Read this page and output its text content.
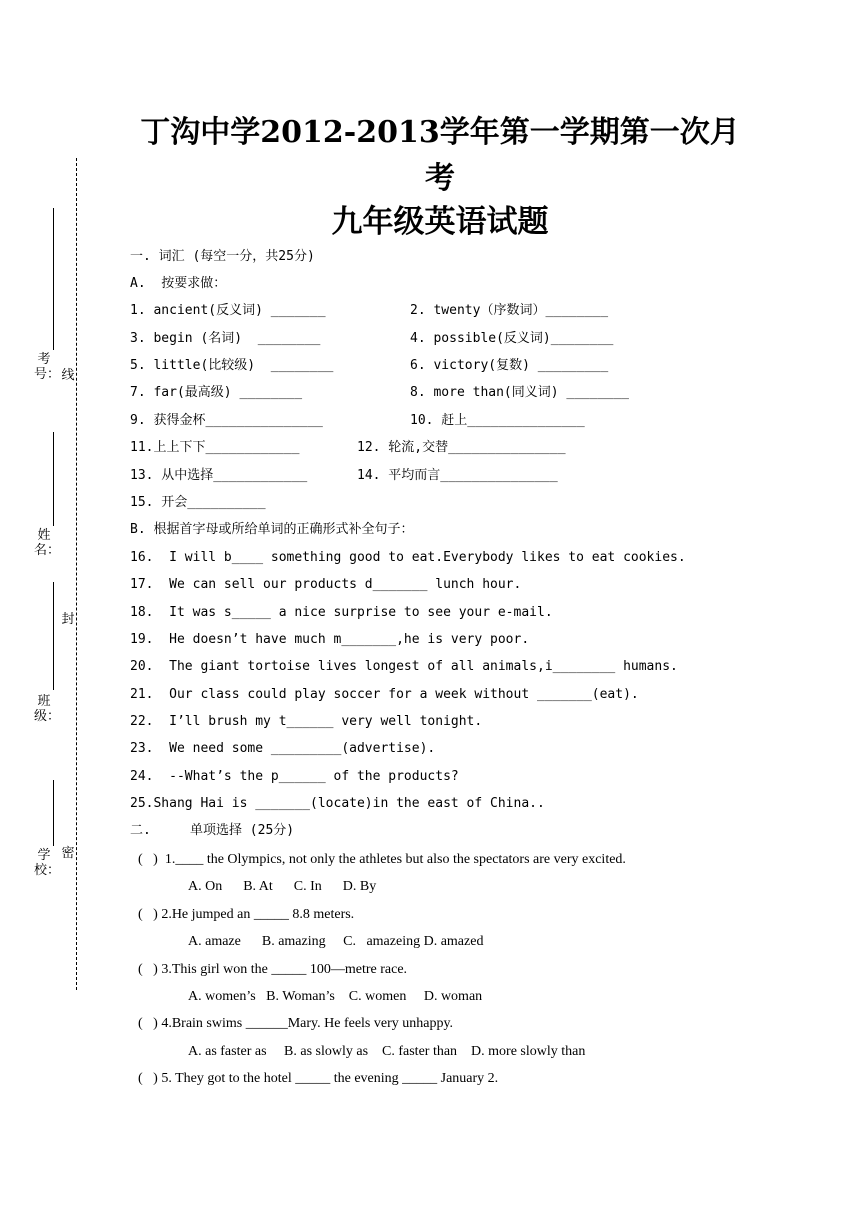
考号：
姓名：
班级：
学校：
线
封
密
丁沟中学2012-2013学年第一学期第一次月
考
九年级英语试题
一. 词汇 (每空一分，共25分)
A.  按要求做：
1. ancient(反义词) _______	2. twenty（序数词）________
3. begin (名词)  ________	4. possible(反义词)________
5. little(比较级)  ________	6. victory(复数) _________
7. far(最高级) ________	8. more than(同义词) ________
9. 获得金杯_______________	10. 赶上_______________
11.上上下下____________	12. 轮流,交替_______________
13. 从中选择____________	14. 平均而言_______________
15. 开会__________
B. 根据首字母或所给单词的正确形式补全句子：
16.  I will b____ something good to eat.Everybody likes to eat cookies.
17.  We can sell our products d_______ lunch hour.
18.  It was s_____ a nice surprise to see your e-mail.
19.  He doesn’t have much m_______,he is very poor.
20.  The giant tortoise lives longest of all animals,i________ humans.
21.  Our class could play soccer for a week without _______(eat).
22.  I’ll brush my t______ very well tonight.
23.  We need some _________(advertise).
24.  --What’s the p______ of the products?
25.Shang Hai is _______(locate)in the east of China..
二.     单项选择 (25分)
(   )  1.____ the Olympics, not only the athletes but also the spectators are very excited.
A. On      B. At      C. In      D. By
(   ) 2.He jumped an _____ 8.8 meters.
A. amaze      B. amazing     C.   amazeing D. amazed
(   ) 3.This girl won the _____ 100—metre race.
A. women’s   B. Woman’s    C. women     D. woman
(   ) 4.Brain swims ______Mary. He feels very unhappy.
A. as faster as     B. as slowly as    C. faster than    D. more slowly than
(   ) 5. They got to the hotel _____ the evening _____ January 2.
